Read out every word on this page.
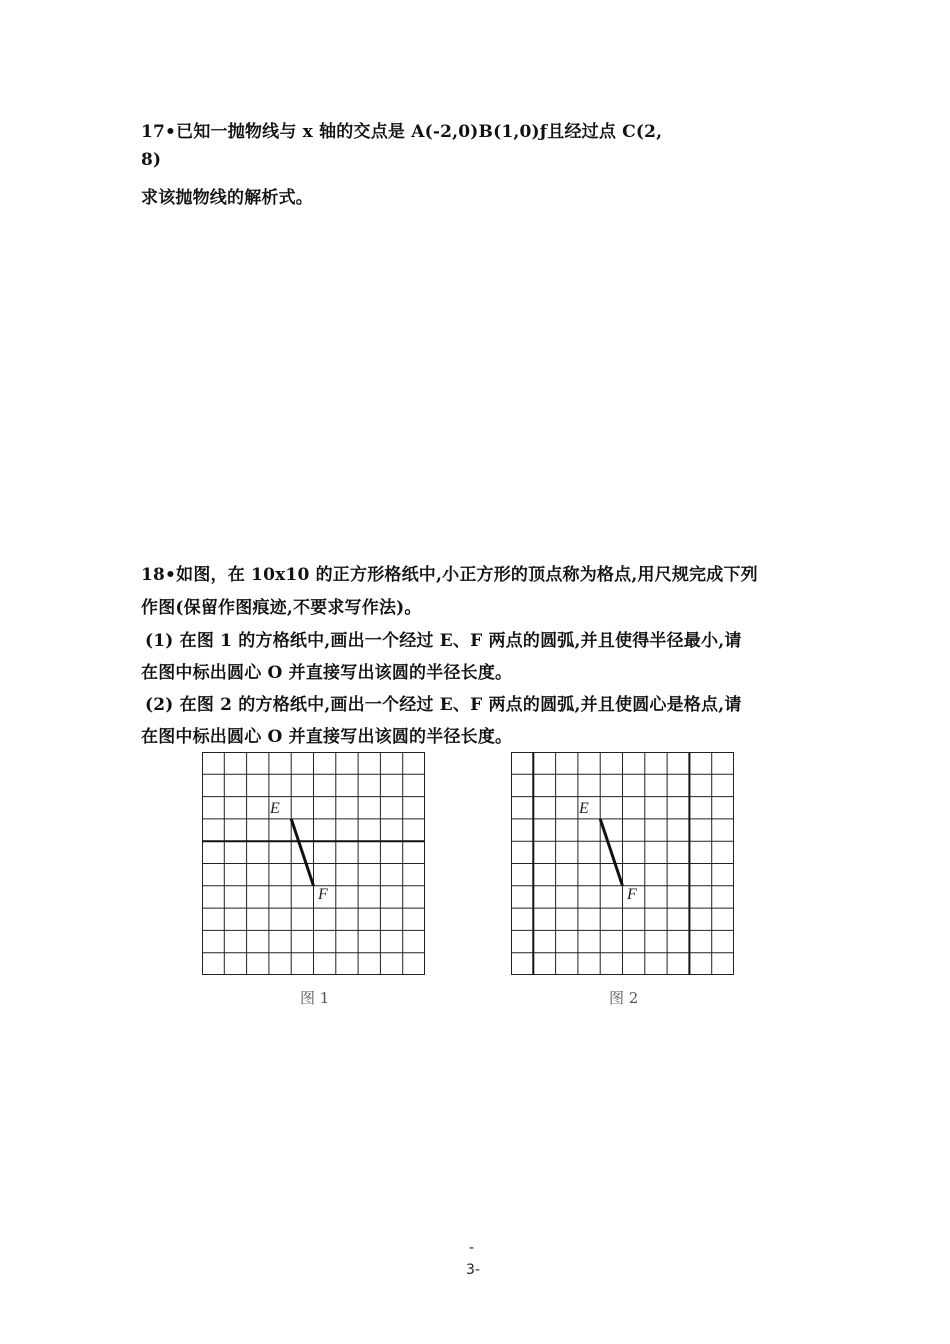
17•已知一抛物线与 x 轴的交点是 A(-2,0)B(1,0)ƒ且经过点 C(2,
8)
求该抛物线的解析式。
18•如图，在 10x10 的正方形格纸中,小正方形的顶点称为格点,用尺规完成下列
作图(保留作图痕迹,不要求写作法)。
(1) 在图 1 的方格纸中,画出一个经过 E、F 两点的圆弧,并且使得半径最小,请
在图中标出圆心 O 并直接写出该圆的半径长度。
(2) 在图 2 的方格纸中,画出一个经过 E、F 两点的圆弧,并且使圆心是格点,请
在图中标出圆心 O 并直接写出该圆的半径长度。
E
F
图 1
E
F
图 2
-
3-
